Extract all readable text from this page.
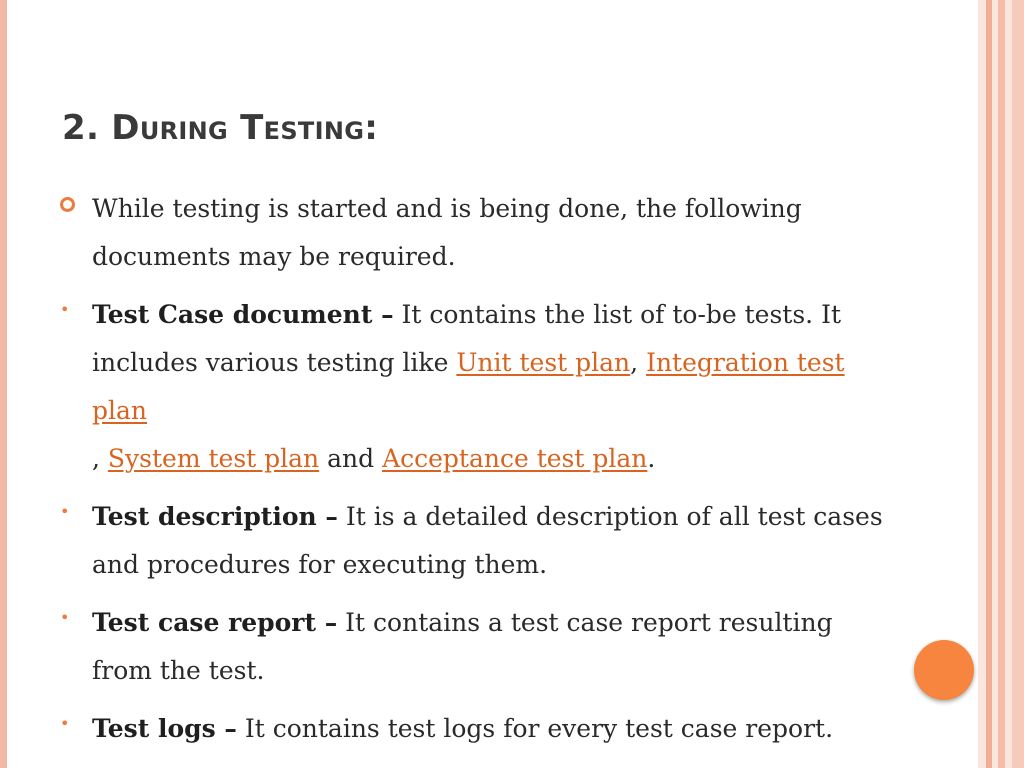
2. During Testing:
While testing is started and is being done, the following documents may be required.
• Test Case document – It contains the list of to-be tests. It includes various testing like Unit test plan, Integration test plan
, System test plan and Acceptance test plan.
• Test description – It is a detailed description of all test cases and procedures for executing them.
• Test case report – It contains a test case report resulting from the test.
• Test logs – It contains test logs for every test case report.
